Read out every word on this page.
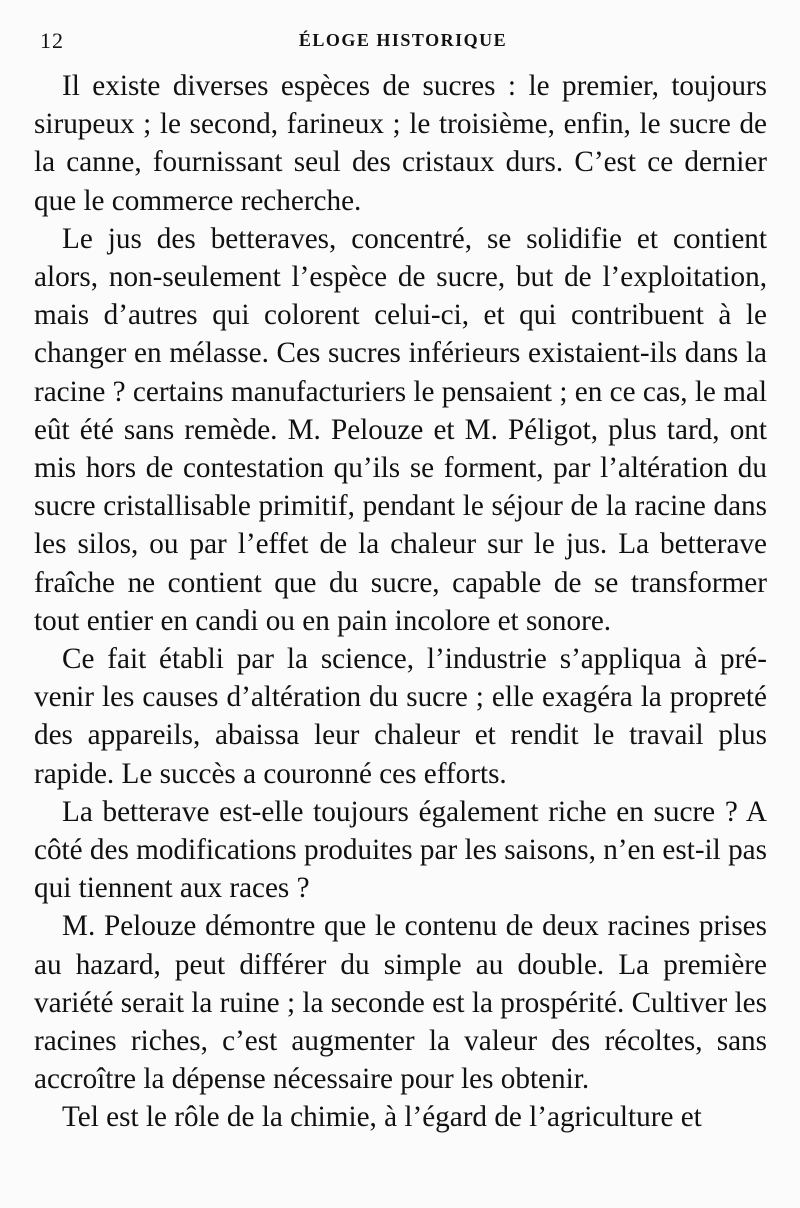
12	ÉLOGE HISTORIQUE

Il existe diverses espèces de sucres : le premier, toujours sirupeux ; le second, farineux ; le troisième, enfin, le sucre de la canne, fournissant seul des cristaux durs. C’est ce dernier que le commerce recherche.

Le jus des betteraves, concentré, se solidifie et contient alors, non-seulement l’espèce de sucre, but de l’exploitation, mais d’autres qui colorent celui-ci, et qui contribuent à le changer en mélasse. Ces sucres inférieurs existaient-ils dans la racine ? certains manufacturiers le pensaient ; en ce cas, le mal eût été sans remède. M. Pelouze et M. Péligot, plus tard, ont mis hors de contestation qu’ils se forment, par l’altération du sucre cristallisable primitif, pendant le séjour de la racine dans les silos, ou par l’effet de la chaleur sur le jus. La betterave fraîche ne contient que du sucre, capable de se transformer tout entier en candi ou en pain incolore et sonore.

Ce fait établi par la science, l’industrie s’appliqua à prévenir les causes d’altération du sucre ; elle exagéra la propreté des appareils, abaissa leur chaleur et rendit le travail plus rapide. Le succès a couronné ces efforts.

La betterave est-elle toujours également riche en sucre ? A côté des modifications produites par les saisons, n’en est-il pas qui tiennent aux races ?

M. Pelouze démontre que le contenu de deux racines prises au hazard, peut différer du simple au double. La première variété serait la ruine ; la seconde est la prospérité. Cultiver les racines riches, c’est augmenter la valeur des récoltes, sans accroître la dépense nécessaire pour les obtenir.

Tel est le rôle de la chimie, à l’égard de l’agriculture et
